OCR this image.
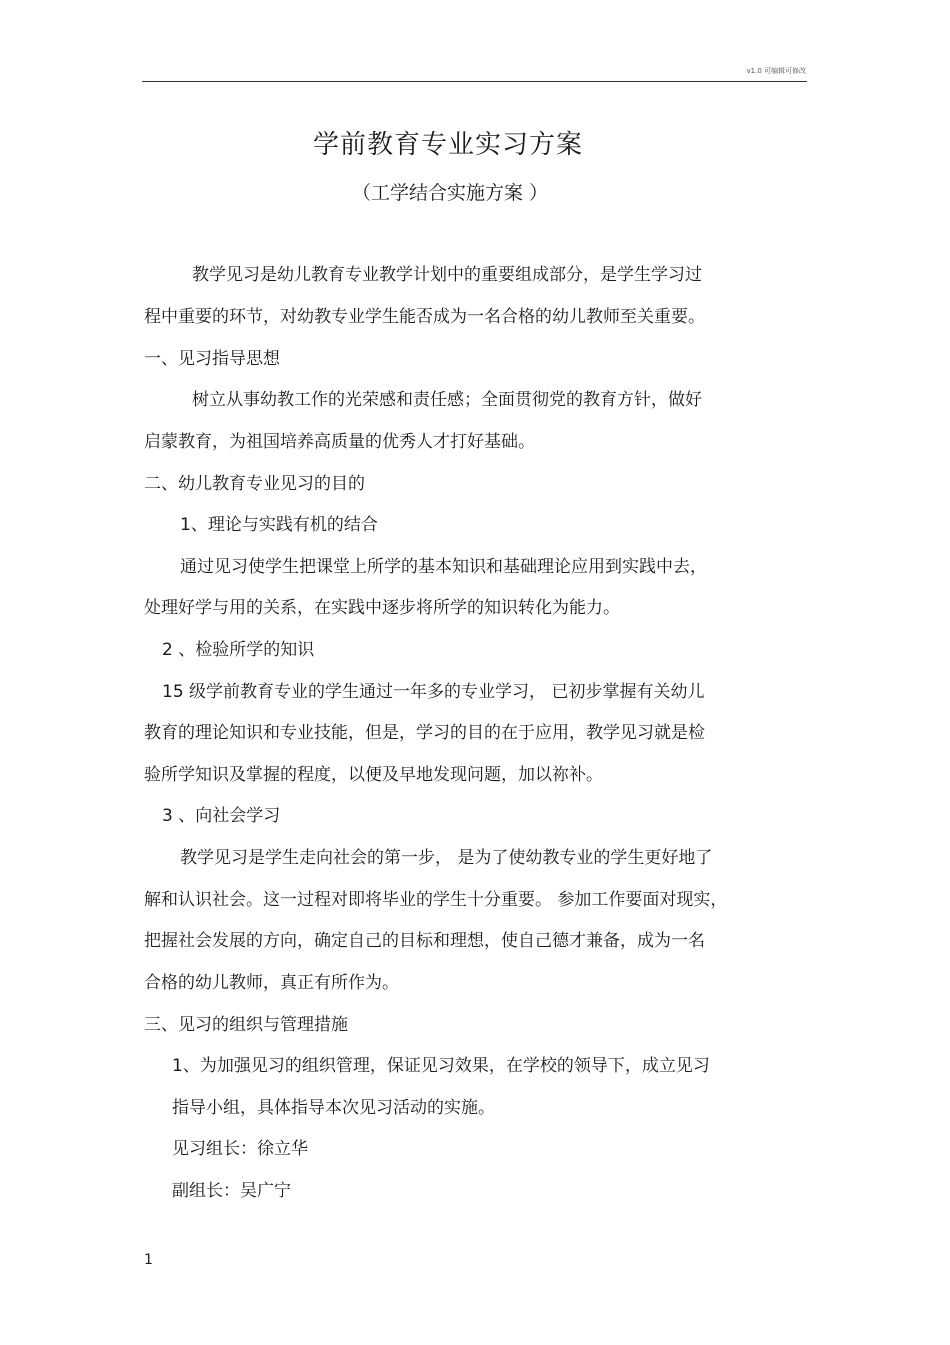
v1.0 可编辑可修改
学前教育专业实习方案
（工学结合实施方案 ）
教学见习是幼儿教育专业教学计划中的重要组成部分，是学生学习过
程中重要的环节，对幼教专业学生能否成为一名合格的幼儿教师至关重要。
一、见习指导思想
树立从事幼教工作的光荣感和责任感；全面贯彻党的教育方针，做好
启蒙教育，为祖国培养高质量的优秀人才打好基础。
二、幼儿教育专业见习的目的
1、理论与实践有机的结合
通过见习使学生把课堂上所学的基本知识和基础理论应用到实践中去，
处理好学与用的关系，在实践中逐步将所学的知识转化为能力。
2 、检验所学的知识
15 级学前教育专业的学生通过一年多的专业学习， 已初步掌握有关幼儿
教育的理论知识和专业技能，但是，学习的目的在于应用，教学见习就是检
验所学知识及掌握的程度，以便及早地发现问题，加以祢补。
3 、向社会学习
教学见习是学生走向社会的第一步， 是为了使幼教专业的学生更好地了
解和认识社会。这一过程对即将毕业的学生十分重要。 参加工作要面对现实，
把握社会发展的方向，确定自己的目标和理想，使自己德才兼备，成为一名
合格的幼儿教师，真正有所作为。
三、见习的组织与管理措施
1、为加强见习的组织管理，保证见习效果，在学校的领导下，成立见习
指导小组，具体指导本次见习活动的实施。
见习组长：徐立华
副组长：吴广宁
1
